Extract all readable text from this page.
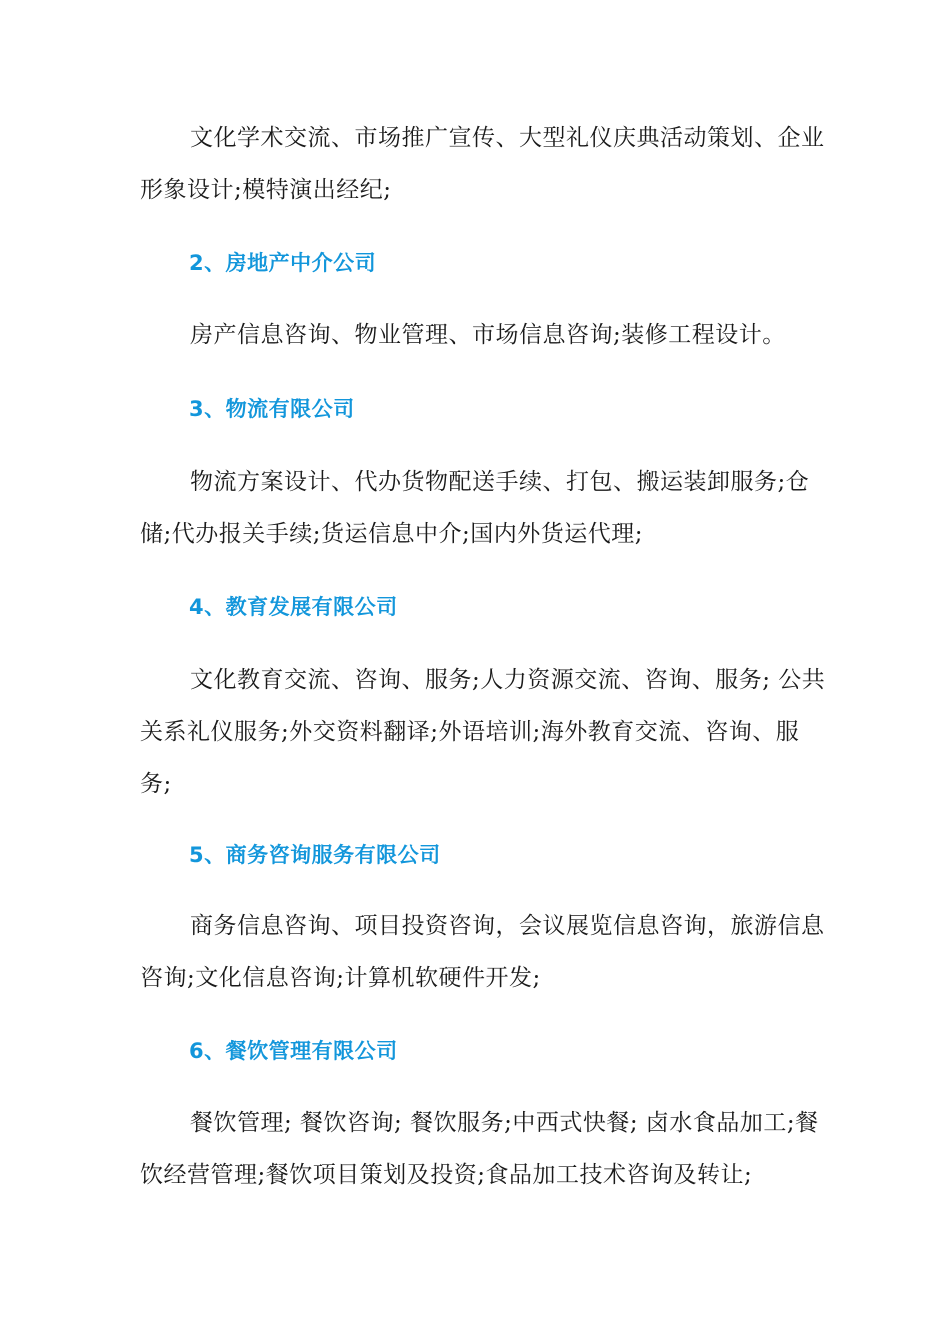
文化学术交流、市场推广宣传、大型礼仪庆典活动策划、企业形象设计;模特演出经纪;

2、房地产中介公司

房产信息咨询、物业管理、市场信息咨询;装修工程设计。

3、物流有限公司

物流方案设计、代办货物配送手续、打包、搬运装卸服务;仓储;代办报关手续;货运信息中介;国内外货运代理;

4、教育发展有限公司

文化教育交流、咨询、服务;人力资源交流、咨询、服务; 公共关系礼仪服务;外交资料翻译;外语培训;海外教育交流、咨询、服务;

5、商务咨询服务有限公司

商务信息咨询、项目投资咨询，会议展览信息咨询，旅游信息咨询;文化信息咨询;计算机软硬件开发;

6、餐饮管理有限公司

餐饮管理; 餐饮咨询; 餐饮服务;中西式快餐; 卤水食品加工;餐饮经营管理;餐饮项目策划及投资;食品加工技术咨询及转让;
